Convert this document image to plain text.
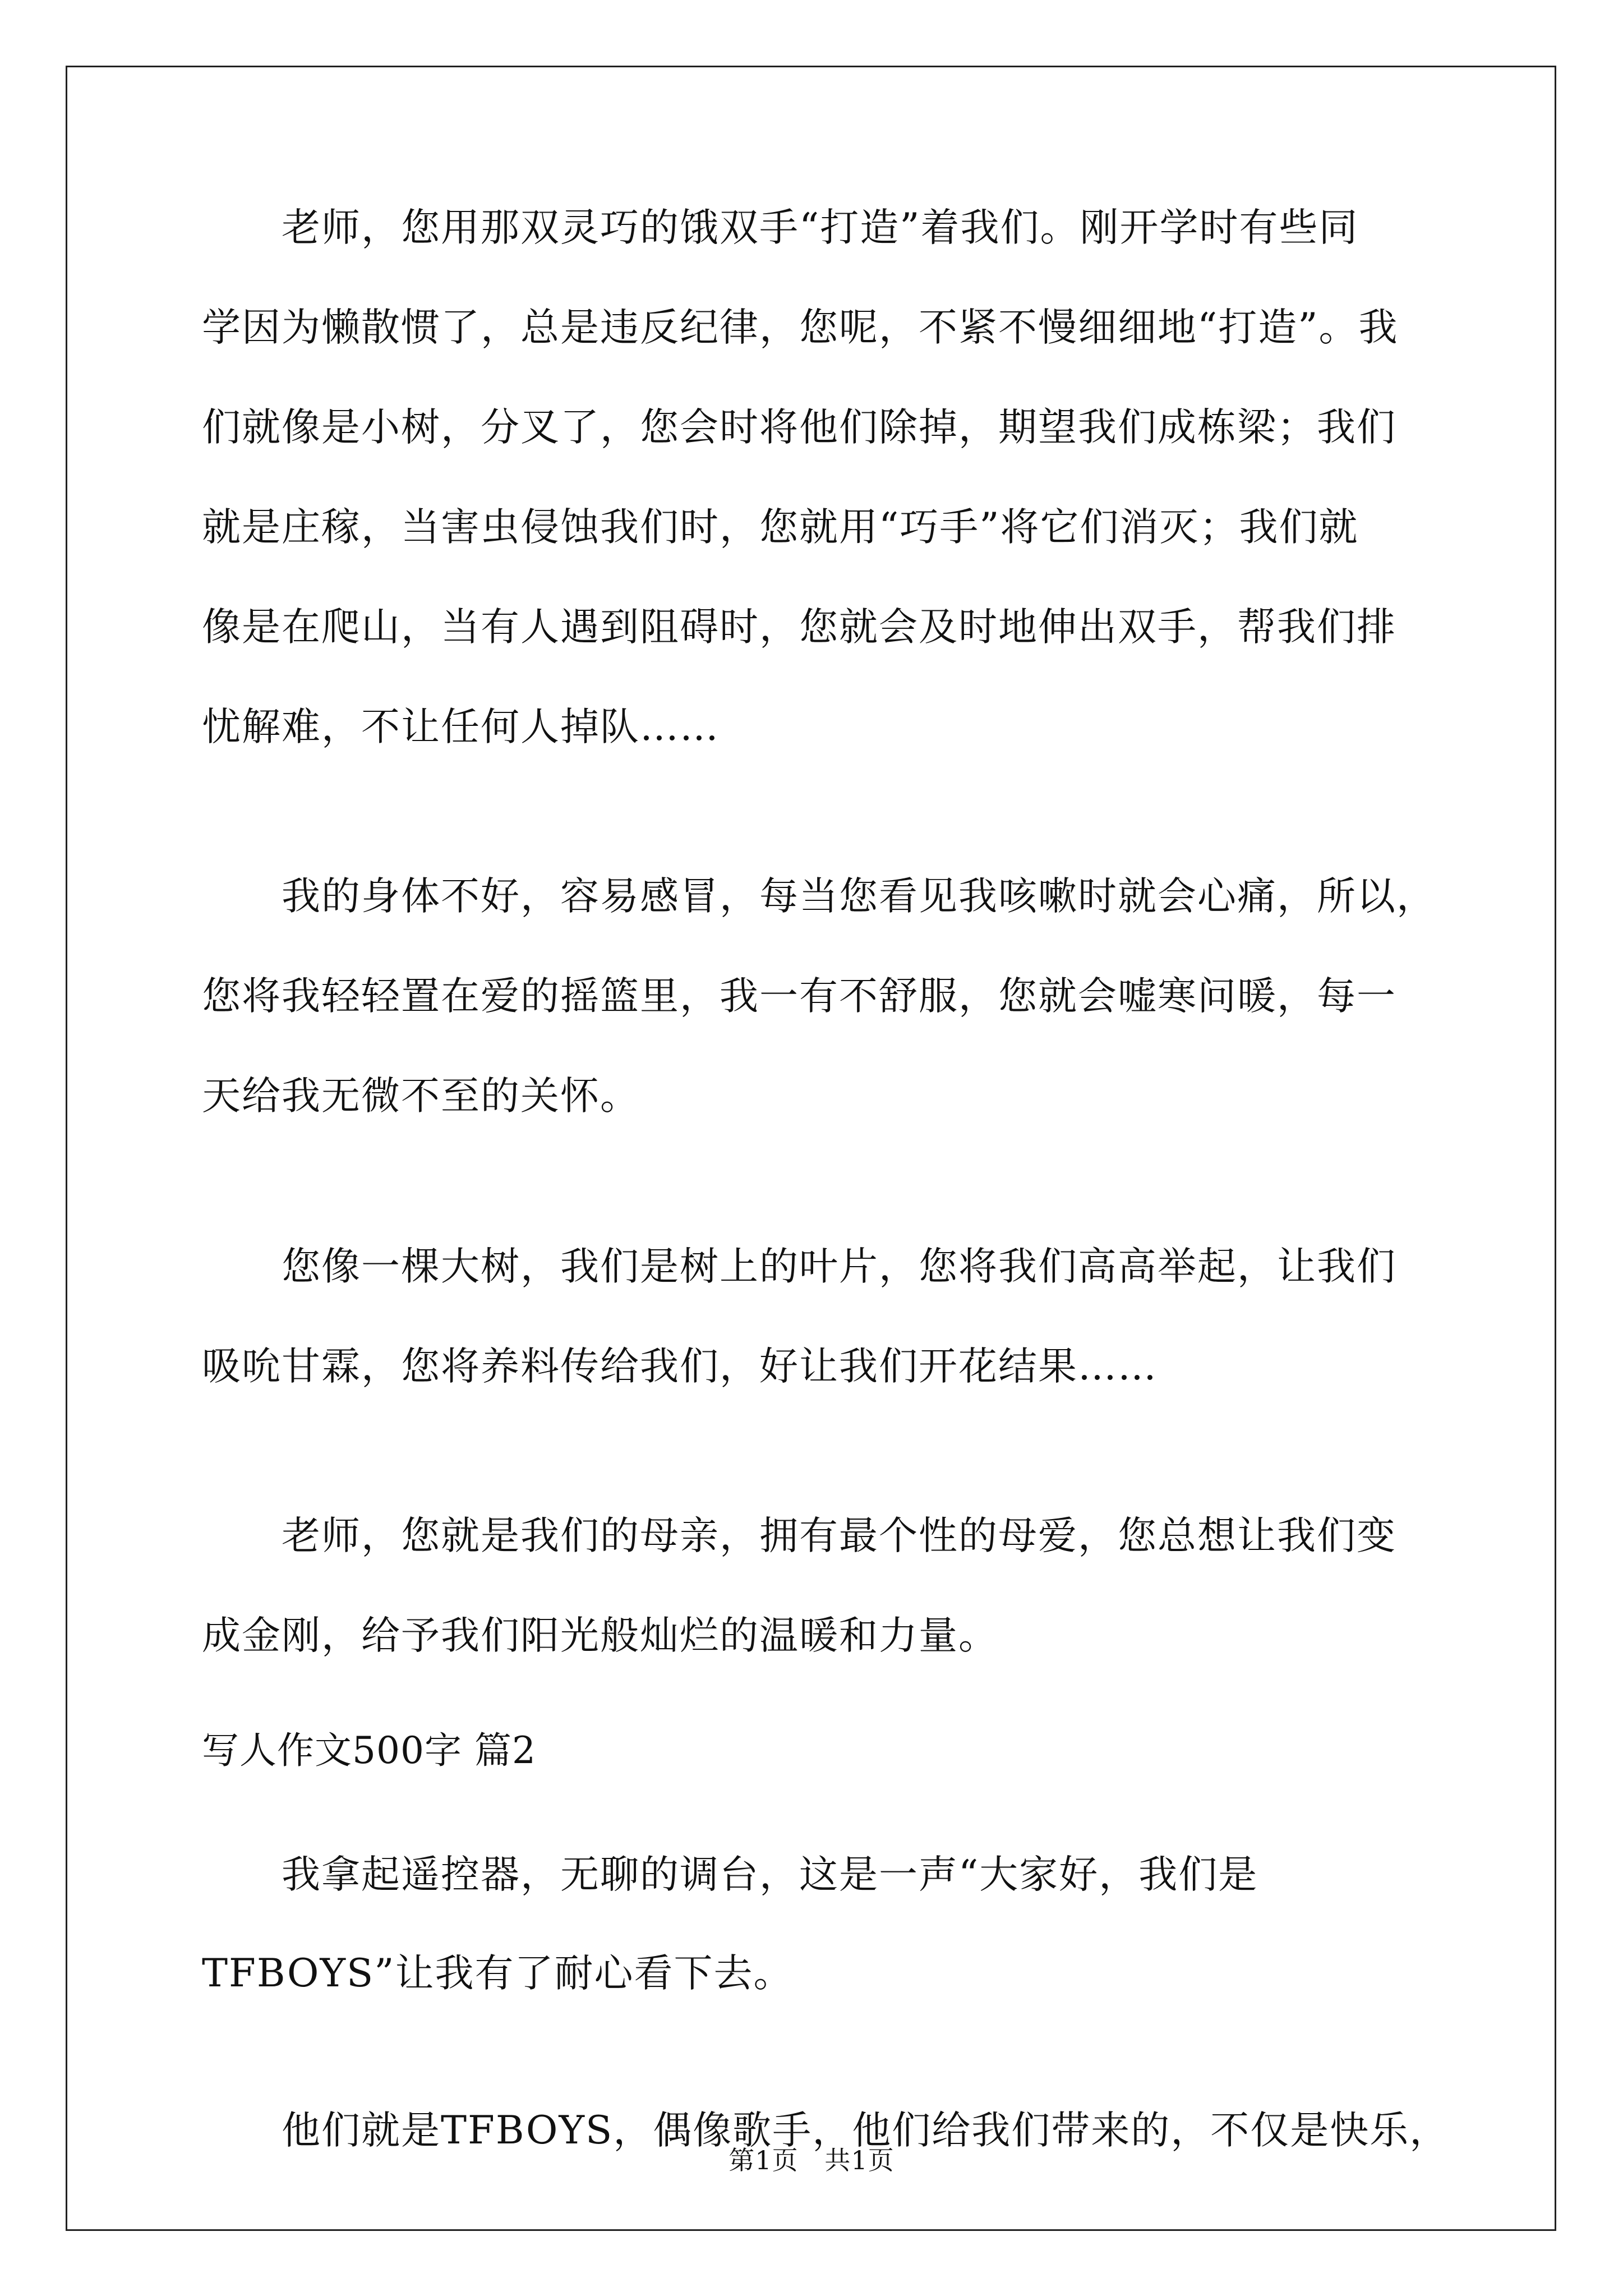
　　老师，您用那双灵巧的饿双手“打造”着我们。刚开学时有些同
学因为懒散惯了，总是违反纪律，您呢，不紧不慢细细地“打造”。我
们就像是小树，分叉了，您会时将他们除掉，期望我们成栋梁；我们
就是庄稼，当害虫侵蚀我们时，您就用“巧手”将它们消灭；我们就
像是在爬山，当有人遇到阻碍时，您就会及时地伸出双手，帮我们排
忧解难，不让任何人掉队……
　　我的身体不好，容易感冒，每当您看见我咳嗽时就会心痛，所以，
您将我轻轻置在爱的摇篮里，我一有不舒服，您就会嘘寒问暖，每一
天给我无微不至的关怀。
　　您像一棵大树，我们是树上的叶片，您将我们高高举起，让我们
吸吮甘霖，您将养料传给我们，好让我们开花结果……
　　老师，您就是我们的母亲，拥有最个性的母爱，您总想让我们变
成金刚，给予我们阳光般灿烂的温暖和力量。
写人作文500字 篇2
　　我拿起遥控器，无聊的调台，这是一声“大家好，我们是
TFBOYS”让我有了耐心看下去。
　　他们就是TFBOYS，偶像歌手，他们给我们带来的，不仅是快乐，
第1页   共1页
